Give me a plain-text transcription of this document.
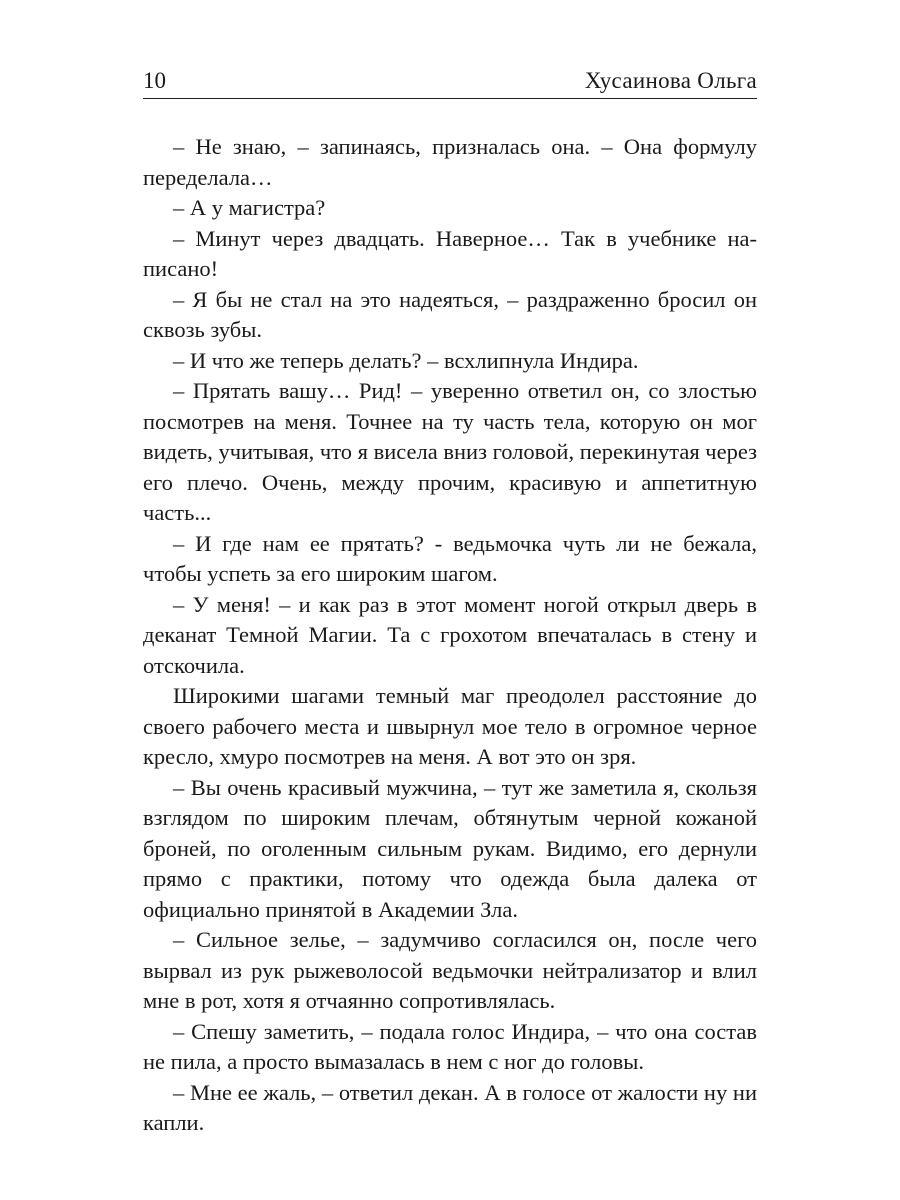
10	Хусаинова Ольга

– Не знаю, – запинаясь, призналась она. – Она формулу переделала…

– А у магистра?

– Минут через двадцать. Наверное… Так в учебнике написано!

– Я бы не стал на это надеяться, – раздраженно бросил он сквозь зубы.

– И что же теперь делать? – всхлипнула Индира.

– Прятать вашу… Рид! – уверенно ответил он, со злостью посмотрев на меня. Точнее на ту часть тела, которую он мог видеть, учитывая, что я висела вниз головой, перекинутая через его плечо. Очень, между прочим, красивую и аппетитную часть...

– И где нам ее прятать? - ведьмочка чуть ли не бежала, чтобы успеть за его широким шагом.

– У меня! – и как раз в этот момент ногой открыл дверь в деканат Темной Магии. Та с грохотом впечаталась в стену и отскочила.

Широкими шагами темный маг преодолел расстояние до своего рабочего места и швырнул мое тело в огромное черное кресло, хмуро посмотрев на меня. А вот это он зря.

– Вы очень красивый мужчина, – тут же заметила я, скользя взглядом по широким плечам, обтянутым черной кожаной броней, по оголенным сильным рукам. Видимо, его дернули прямо с практики, потому что одежда была далека от официально принятой в Академии Зла.

– Сильное зелье, – задумчиво согласился он, после чего вырвал из рук рыжеволосой ведьмочки нейтрализатор и влил мне в рот, хотя я отчаянно сопротивлялась.

– Спешу заметить, – подала голос Индира, – что она состав не пила, а просто вымазалась в нем с ног до головы.

– Мне ее жаль, – ответил декан. А в голосе от жалости ну ни капли.
